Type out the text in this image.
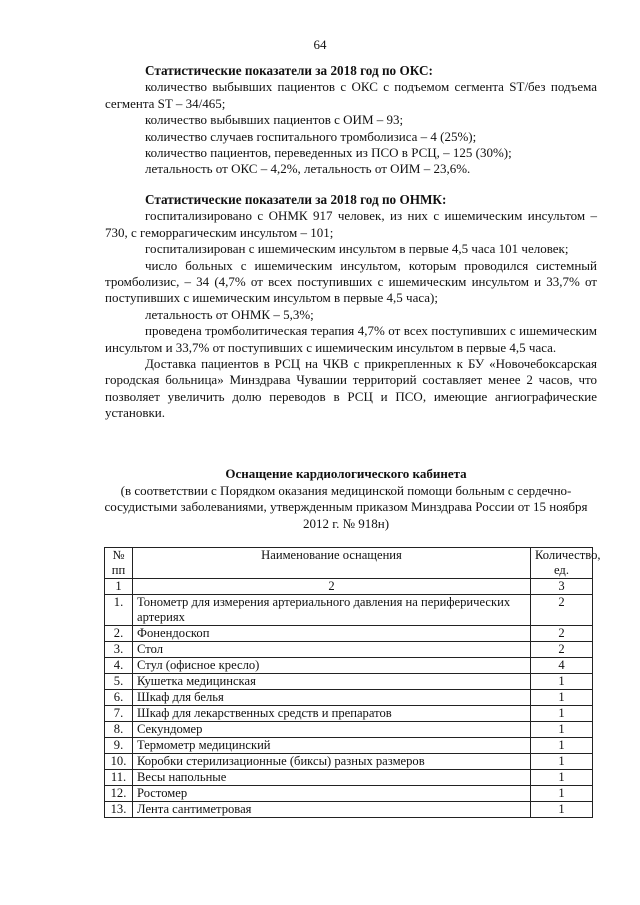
64

Статистические показатели за 2018 год по ОКС:

количество выбывших пациентов с ОКС с подъемом сегмента ST/без подъема сегмента ST – 34/465;

количество выбывших пациентов с ОИМ – 93;

количество случаев госпитального тромболизиса – 4 (25%);

количество пациентов, переведенных из ПСО в РСЦ, – 125 (30%);

летальность от ОКС – 4,2%, летальность от ОИМ – 23,6%.

Статистические показатели за 2018 год по ОНМК:

госпитализировано с ОНМК 917 человек, из них с ишемическим инсультом – 730, с геморрагическим инсультом – 101;

госпитализирован с ишемическим инсультом в первые 4,5 часа 101 человек;

число больных с ишемическим инсультом, которым проводился системный тромболизис, – 34 (4,7% от всех поступивших с ишемическим инсультом и 33,7% от поступивших с ишемическим инсультом в первые 4,5 часа);

летальность от ОНМК – 5,3%;

проведена тромболитическая терапия 4,7% от всех поступивших с ишемическим инсультом и 33,7% от поступивших с ишемическим инсультом в первые 4,5 часа.

Доставка пациентов в РСЦ на ЧКВ с прикрепленных к БУ «Новочебоксарская городская больница» Минздрава Чувашии территорий составляет менее 2 часов, что позволяет увеличить долю переводов в РСЦ и ПСО, имеющие ангиографические установки.

Оснащение кардиологического кабинета
(в соответствии с Порядком оказания медицинской помощи больным с сердечно-сосудистыми заболеваниями, утвержденным приказом Минздрава России от 15 ноября 2012 г. № 918н)
№ пп	Наименование оснащения	Количество, ед.
1	2	3
1.	Тонометр для измерения артериального давления на периферических артериях	2
2.	Фонендоскоп	2
3.	Стол	2
4.	Стул (офисное кресло)	4
5.	Кушетка медицинская	1
6.	Шкаф для белья	1
7.	Шкаф для лекарственных средств и препаратов	1
8.	Секундомер	1
9.	Термометр медицинский	1
10.	Коробки стерилизационные (биксы) разных размеров	1
11.	Весы напольные	1
12.	Ростомер	1
13.	Лента сантиметровая	1
